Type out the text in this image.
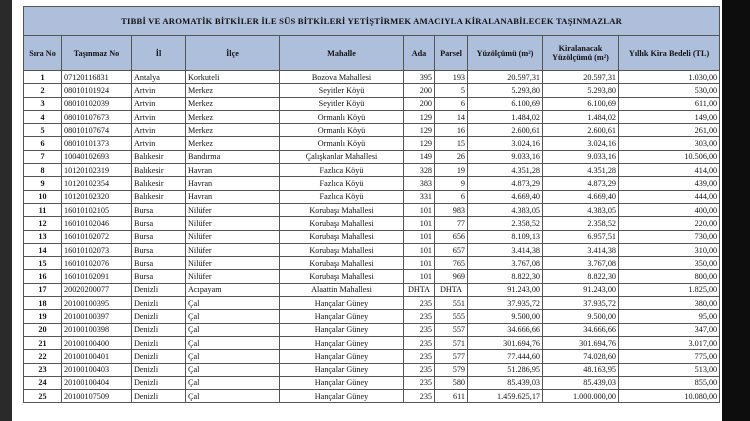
TIBBİ VE AROMATİK BİTKİLER İLE SÜS BİTKİLERİ YETİŞTİRMEK AMACIYLA KİRALANABİLECEK TAŞINMAZLAR									
Sıra No	Taşınmaz No	İl	İlçe	Mahalle	Ada	Parsel	Yüzölçümü (m²)	Kiralanacak Yüzölçümü (m²)	Yıllık Kira Bedeli (TL)
1	07120116831	Antalya	Korkuteli	Bozova Mahallesi	395	193	20.597,31	20.597,31	1.030,00
2	08010101924	Artvin	Merkez	Seyitler Köyü	200	5	5.293,80	5.293,80	530,00
3	08010102039	Artvin	Merkez	Seyitler Köyü	200	6	6.100,69	6.100,69	611,00
4	08010107673	Artvin	Merkez	Ormanlı Köyü	129	14	1.484,02	1.484,02	149,00
5	08010107674	Artvin	Merkez	Ormanlı Köyü	129	16	2.600,61	2.600,61	261,00
6	08010101373	Artvin	Merkez	Ormanlı Köyü	129	15	3.024,16	3.024,16	303,00
7	10040102693	Balıkesir	Bandırma	Çalışkanlar Mahallesi	149	26	9.033,16	9.033,16	10.506,00
8	10120102319	Balıkesir	Havran	Fazlıca Köyü	328	19	4.351,28	4.351,28	414,00
9	10120102354	Balıkesir	Havran	Fazlıca Köyü	383	9	4.873,29	4.873,29	439,00
10	10120102320	Balıkesir	Havran	Fazlıca Köyü	331	6	4.669,40	4.669,40	444,00
11	16010102105	Bursa	Nilüfer	Korubaşı Mahallesi	101	983	4.383,05	4.383,05	400,00
12	16010102046	Bursa	Nilüfer	Korubaşı Mahallesi	101	77	2.358,52	2.358,52	220,00
13	16010102072	Bursa	Nilüfer	Korubaşı Mahallesi	101	656	8.109,13	6.957,51	730,00
14	16010102073	Bursa	Nilüfer	Korubaşı Mahallesi	101	657	3.414,38	3.414,38	310,00
15	16010102076	Bursa	Nilüfer	Korubaşı Mahallesi	101	765	3.767,08	3.767,08	350,00
16	16010102091	Bursa	Nilüfer	Korubaşı Mahallesi	101	969	8.822,30	8.822,30	800,00
17	20020200077	Denizli	Acıpayam	Alaattin Mahallesi	DHTA	DHTA	91.243,00	91.243,00	1.825,00
18	20100100395	Denizli	Çal	Hançalar Güney	235	551	37.935,72	37.935,72	380,00
19	20100100397	Denizli	Çal	Hançalar Güney	235	555	9.500,00	9.500,00	95,00
20	20100100398	Denizli	Çal	Hançalar Güney	235	557	34.666,66	34.666,66	347,00
21	20100100400	Denizli	Çal	Hançalar Güney	235	571	301.694,76	301.694,76	3.017,00
22	20100100401	Denizli	Çal	Hançalar Güney	235	577	77.444,60	74.028,60	775,00
23	20100100403	Denizli	Çal	Hançalar Güney	235	579	51.286,95	48.163,95	513,00
24	20100100404	Denizli	Çal	Hançalar Güney	235	580	85.439,03	85.439,03	855,00
25	20100107509	Denizli	Çal	Hançalar Güney	235	611	1.459.625,17	1.000.000,00	10.080,00
